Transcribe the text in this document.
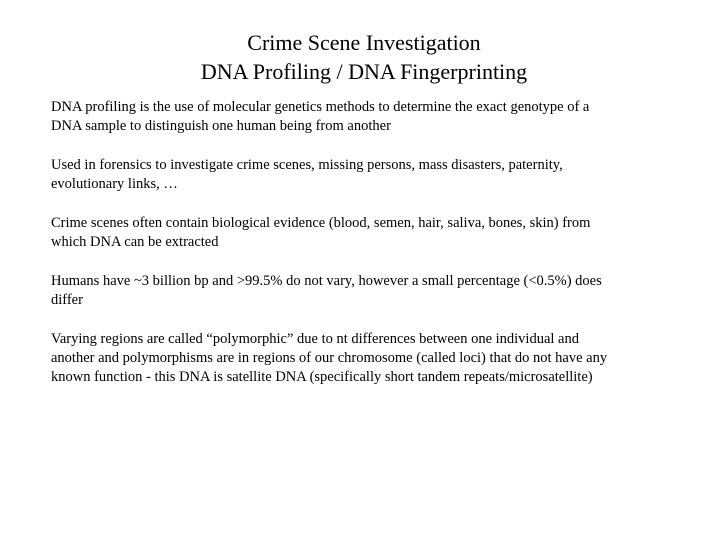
Crime Scene Investigation
DNA Profiling / DNA Fingerprinting

DNA profiling is the use of molecular genetics methods to determine the exact genotype of a
DNA sample to distinguish one human being from another

Used in forensics to investigate crime scenes, missing persons, mass disasters, paternity,
evolutionary links, …

Crime scenes often contain biological evidence (blood, semen, hair, saliva, bones, skin) from
which DNA can be extracted

Humans have ~3 billion bp and >99.5% do not vary, however a small percentage (<0.5%) does
differ

Varying regions are called “polymorphic” due to nt differences between one individual and
another and polymorphisms are in regions of our chromosome (called loci) that do not have any
known function - this DNA is satellite DNA (specifically short tandem repeats/microsatellite)
